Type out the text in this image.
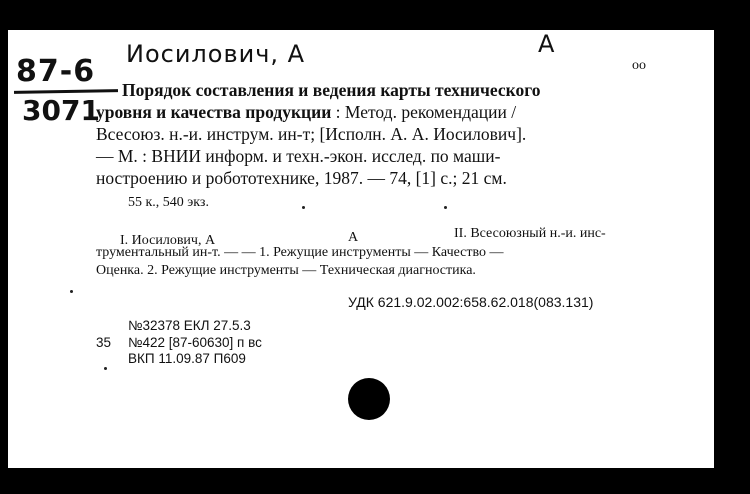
87-6
3071
Иосилович, А	А
оо
Порядок составления и ведения карты технического
уровня и качества продукции : Метод. рекомендации /
Всесоюз. н.-и. инструм. ин-т; [Исполн. А. А. Иосилович].
— М. : ВНИИ информ. и техн.-экон. исслед. по маши-
ностроению и робототехнике, 1987. — 74, [1] с.; 21 см.
55 к., 540 экз.
I. Иосилович, А	А	II. Всесоюзный н.-и. инс-
трументальный ин-т. — — 1. Режущие инструменты — Качество —
Оценка. 2. Режущие инструменты — Техническая диагностика.
УДК 621.9.02.002:658.62.018(083.131)
№32378 ЕКЛ 27.5.3
35 №422 [87-60630] п вс
ВКП 11.09.87 П609
